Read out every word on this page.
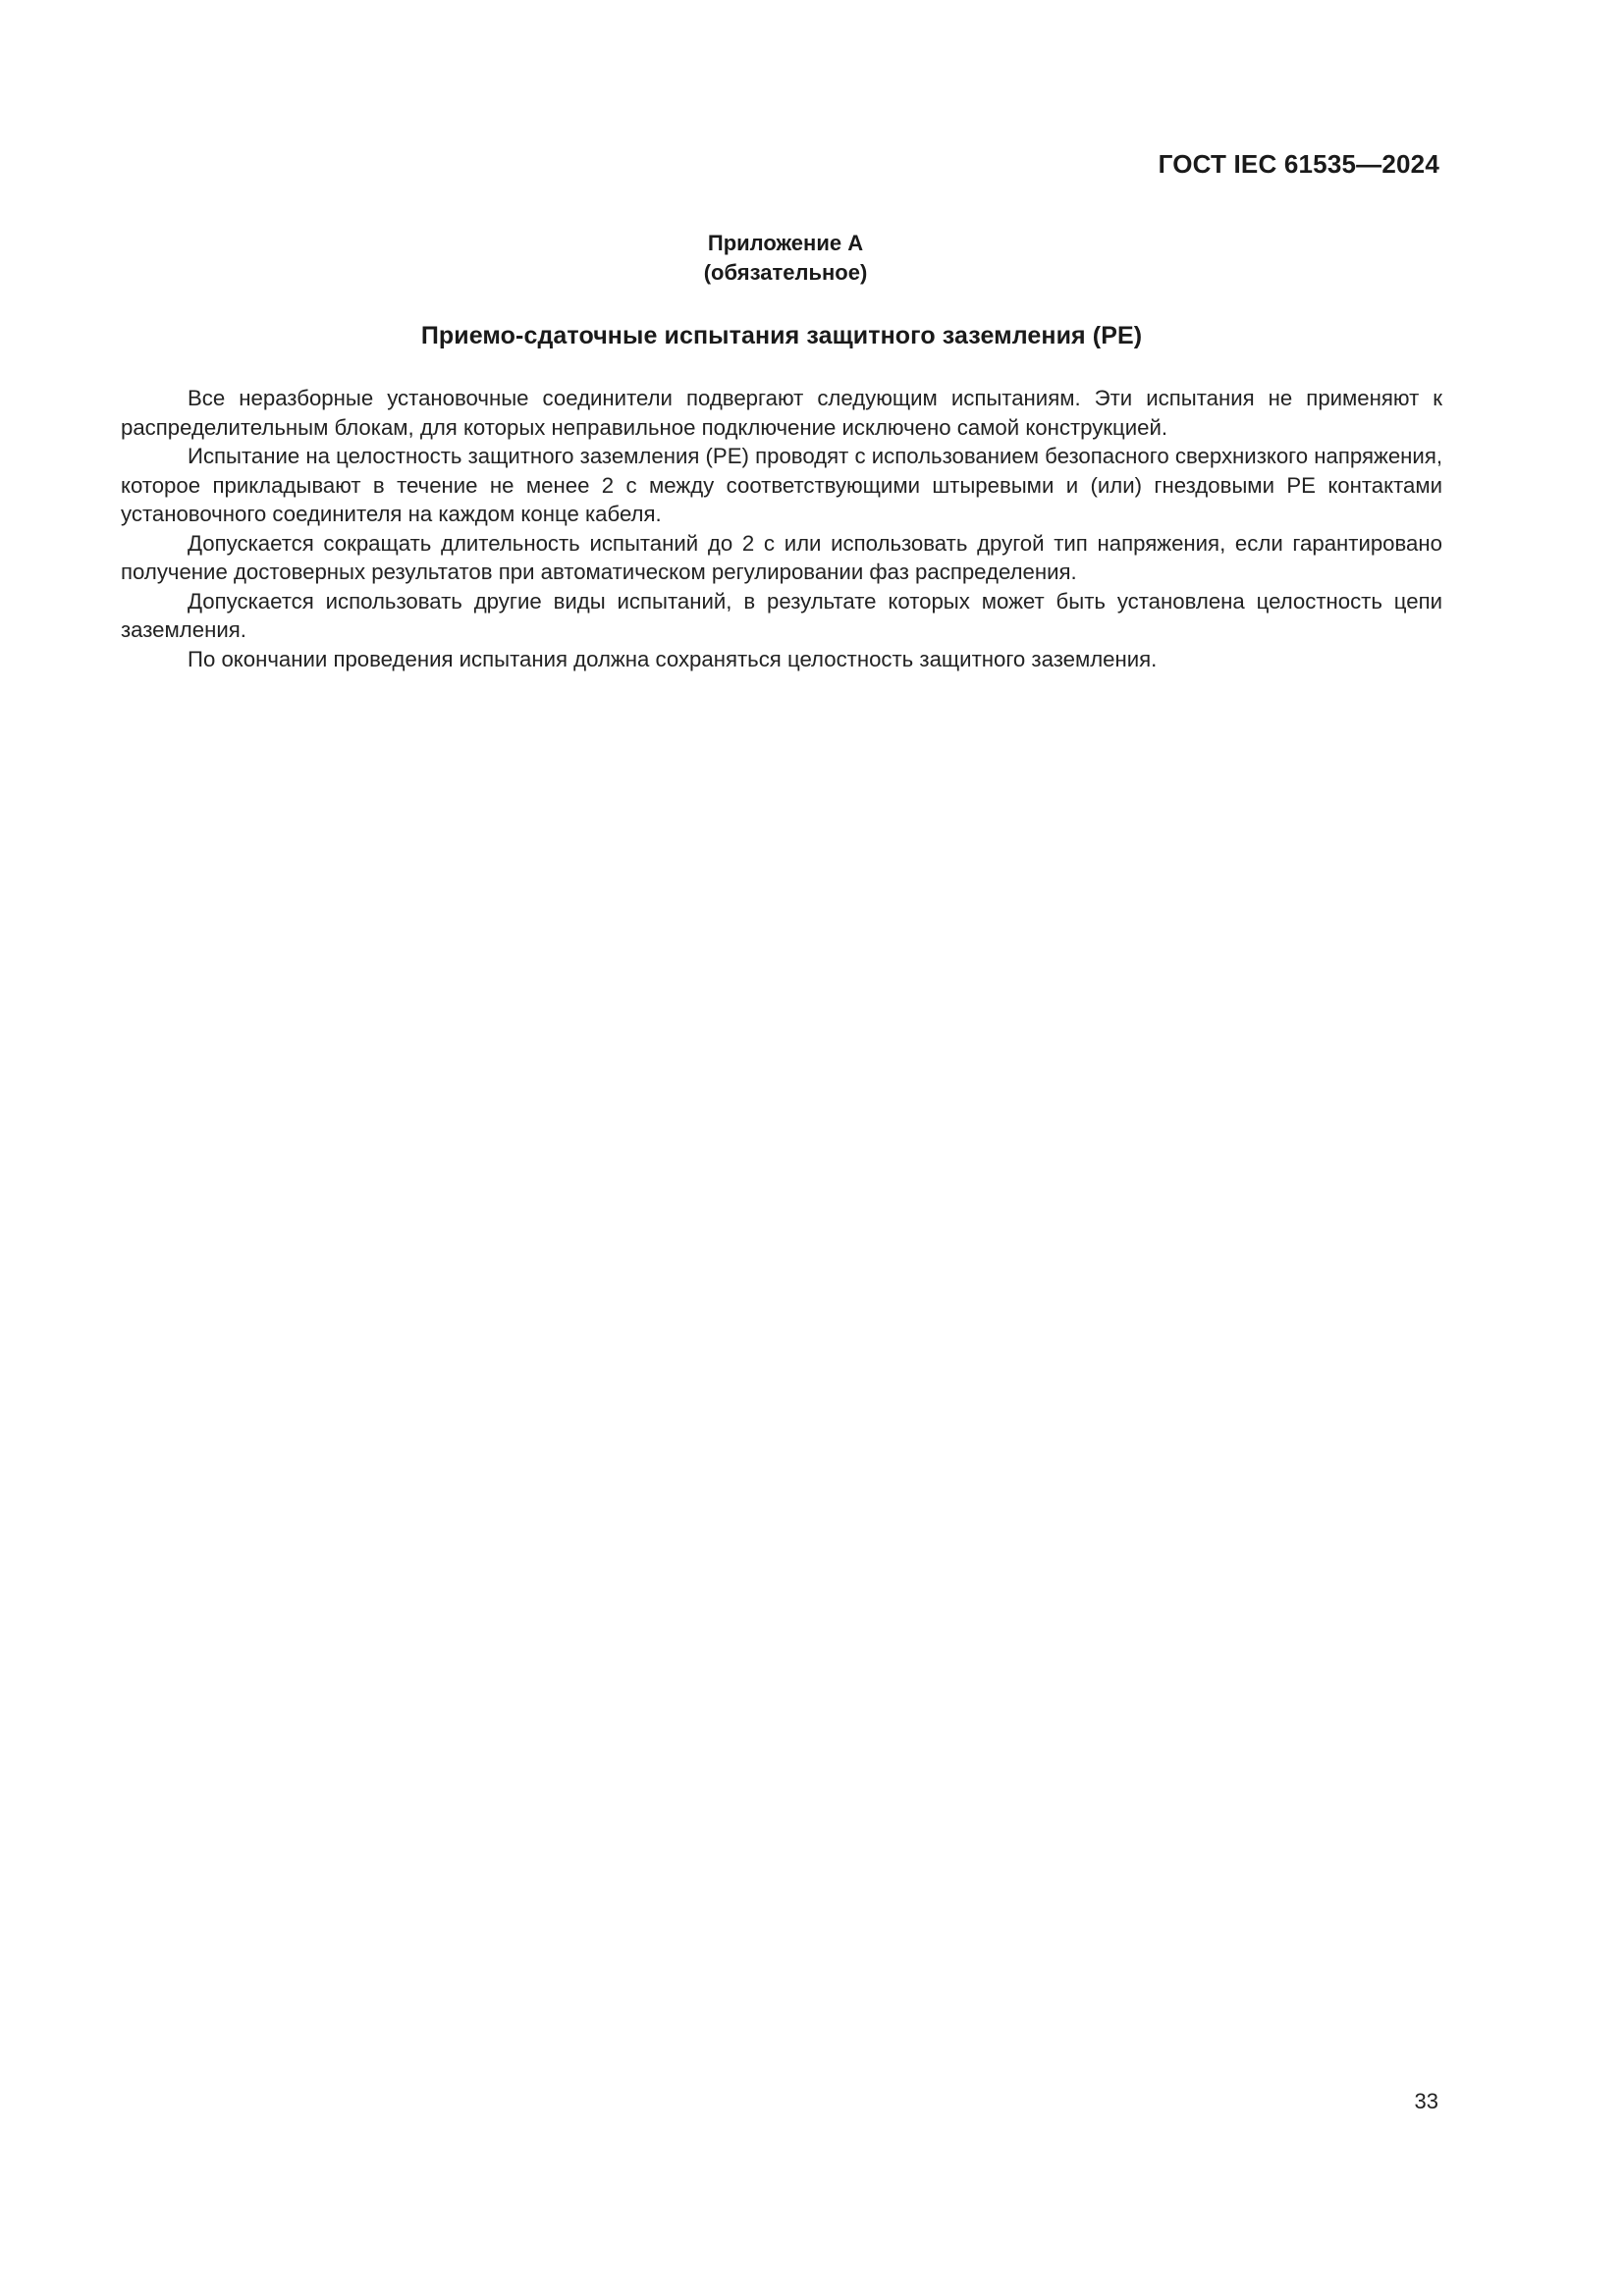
ГОСТ IEC 61535—2024
Приложение А
(обязательное)
Приемо-сдаточные испытания защитного заземления (РЕ)

Все неразборные установочные соединители подвергают следующим испытаниям. Эти испытания не применяют к распределительным блокам, для которых неправильное подключение исключено самой конструкцией.

Испытание на целостность защитного заземления (РЕ) проводят с использованием безопасного сверхнизкого напряжения, которое прикладывают в течение не менее 2 с между соответствующими штыревыми и (или) гнездовыми РЕ контактами установочного соединителя на каждом конце кабеля.

Допускается сокращать длительность испытаний до 2 с или использовать другой тип напряжения, если гарантировано получение достоверных результатов при автоматическом регулировании фаз распределения.

Допускается использовать другие виды испытаний, в результате которых может быть установлена целостность цепи заземления.

По окончании проведения испытания должна сохраняться целостность защитного заземления.

33
